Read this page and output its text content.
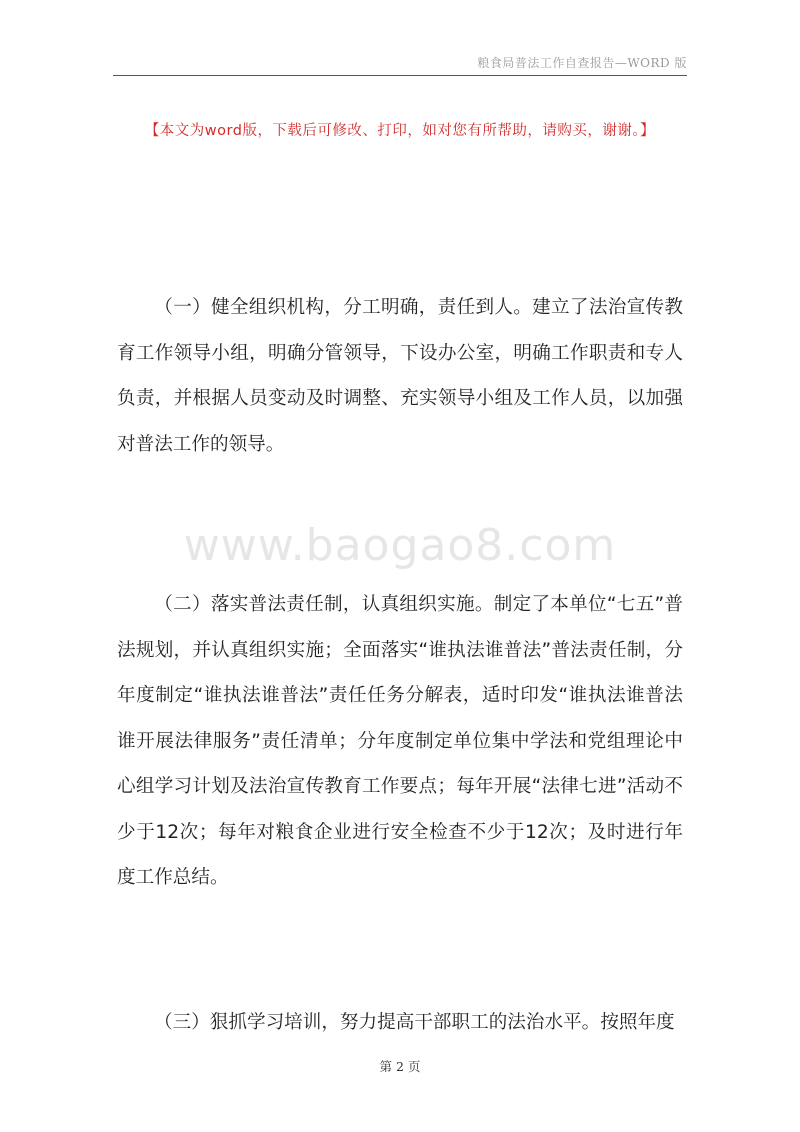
粮食局普法工作自查报告—WORD 版
【本文为word版，下载后可修改、打印，如对您有所帮助，请购买，谢谢。】
（一）健全组织机构，分工明确，责任到人。建立了法治宣传教育工作领导小组，明确分管领导，下设办公室，明确工作职责和专人负责，并根据人员变动及时调整、充实领导小组及工作人员，以加强对普法工作的领导。
www.baogao8.com
（二）落实普法责任制，认真组织实施。制定了本单位“七五”普法规划，并认真组织实施；全面落实“谁执法谁普法”普法责任制，分年度制定“谁执法谁普法”责任任务分解表，适时印发“谁执法谁普法谁开展法律服务”责任清单；分年度制定单位集中学法和党组理论中心组学习计划及法治宣传教育工作要点；每年开展“法律七进”活动不少于12次；每年对粮食企业进行安全检查不少于12次；及时进行年度工作总结。
（三）狠抓学习培训，努力提高干部职工的法治水平。按照年度
第 2 页
